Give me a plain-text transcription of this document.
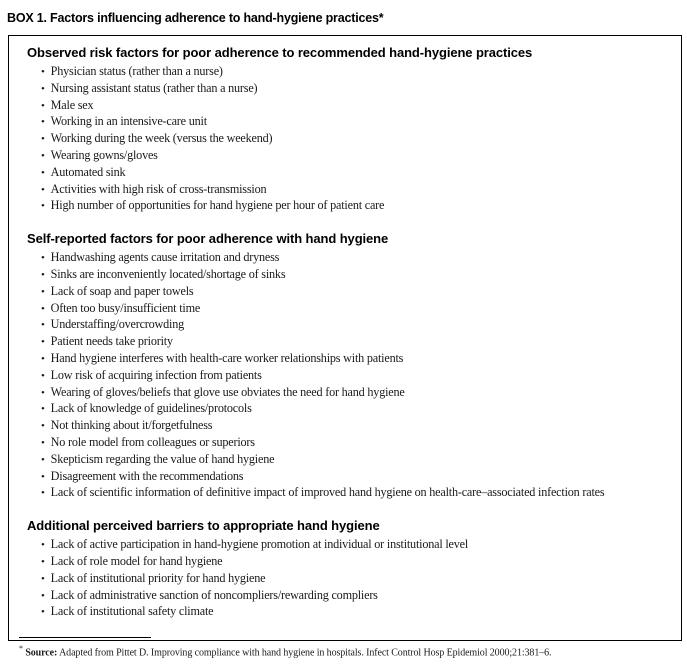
BOX 1. Factors influencing adherence to hand-hygiene practices*
Observed risk factors for poor adherence to recommended hand-hygiene practices
• Physician status (rather than a nurse)
• Nursing assistant status (rather than a nurse)
• Male sex
• Working in an intensive-care unit
• Working during the week (versus the weekend)
• Wearing gowns/gloves
• Automated sink
• Activities with high risk of cross-transmission
• High number of opportunities for hand hygiene per hour of patient care
Self-reported factors for poor adherence with hand hygiene
• Handwashing agents cause irritation and dryness
• Sinks are inconveniently located/shortage of sinks
• Lack of soap and paper towels
• Often too busy/insufficient time
• Understaffing/overcrowding
• Patient needs take priority
• Hand hygiene interferes with health-care worker relationships with patients
• Low risk of acquiring infection from patients
• Wearing of gloves/beliefs that glove use obviates the need for hand hygiene
• Lack of knowledge of guidelines/protocols
• Not thinking about it/forgetfulness
• No role model from colleagues or superiors
• Skepticism regarding the value of hand hygiene
• Disagreement with the recommendations
• Lack of scientific information of definitive impact of improved hand hygiene on health-care–associated infection rates
Additional perceived barriers to appropriate hand hygiene
• Lack of active participation in hand-hygiene promotion at individual or institutional level
• Lack of role model for hand hygiene
• Lack of institutional priority for hand hygiene
• Lack of administrative sanction of noncompliers/rewarding compliers
• Lack of institutional safety climate
* Source: Adapted from Pittet D. Improving compliance with hand hygiene in hospitals. Infect Control Hosp Epidemiol 2000;21:381–6.
